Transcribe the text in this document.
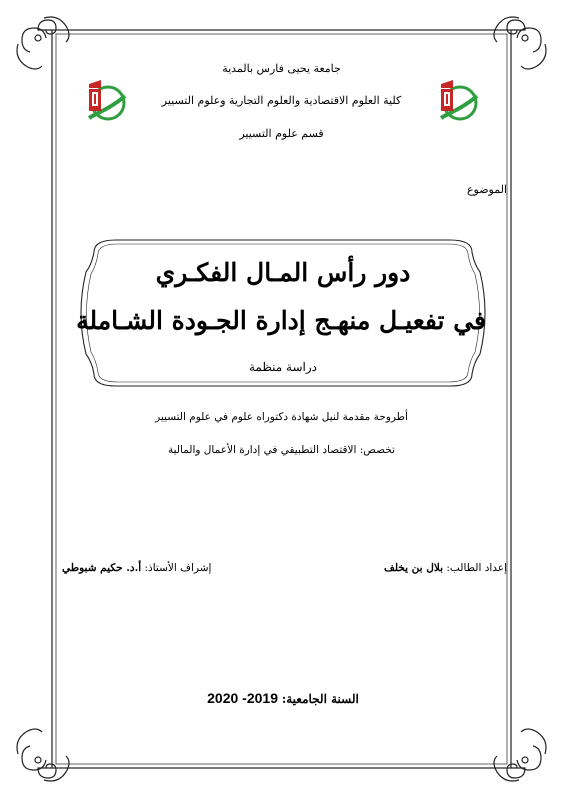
جامعة يحيى فارس بالمدية
كلية العلوم الاقتصادية والعلوم التجارية وعلوم التسيير
قسم علوم التسيير
الموضوع
دور رأس المـال الفكـري
في تفعيـل منهـج إدارة الجـودة الشـاملة
دراسة منظمة
أطروحة مقدمة لنيل شهادة دكتوراه علوم في علوم التسيير
تخصص: الاقتصاد التطبيقي في إدارة الأعمال والمالية
إعداد الطالب: بلال بن يخلف
إشراف الأستاذ: أ.د. حكيم شبوطي
السنة الجامعية: 2020 -2019
